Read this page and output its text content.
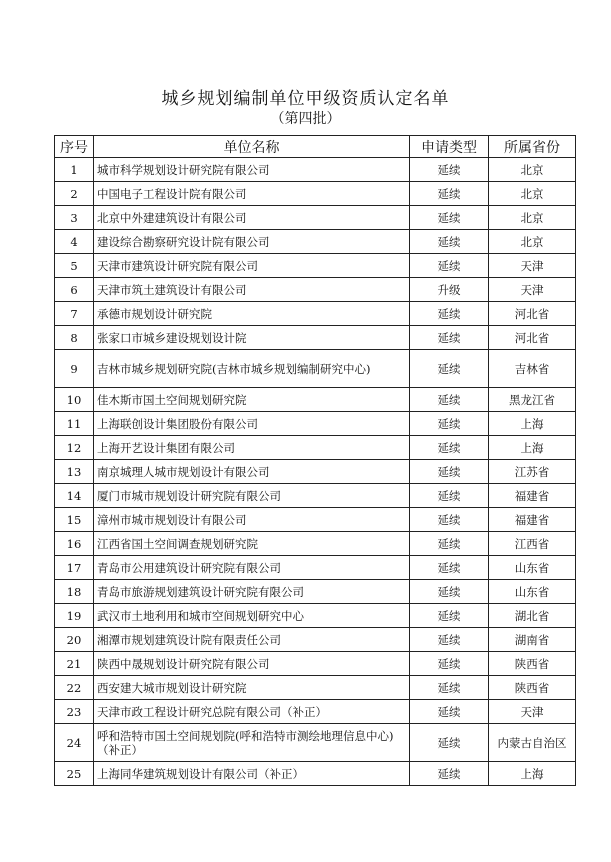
城乡规划编制单位甲级资质认定名单
（第四批）
序号	单位名称	申请类型	所属省份
1	城市科学规划设计研究院有限公司	延续	北京
2	中国电子工程设计院有限公司	延续	北京
3	北京中外建建筑设计有限公司	延续	北京
4	建设综合勘察研究设计院有限公司	延续	北京
5	天津市建筑设计研究院有限公司	延续	天津
6	天津市筑土建筑设计有限公司	升级	天津
7	承德市规划设计研究院	延续	河北省
8	张家口市城乡建设规划设计院	延续	河北省
9	吉林市城乡规划研究院(吉林市城乡规划编制研究中心)	延续	吉林省
10	佳木斯市国土空间规划研究院	延续	黑龙江省
11	上海联创设计集团股份有限公司	延续	上海
12	上海开艺设计集团有限公司	延续	上海
13	南京城理人城市规划设计有限公司	延续	江苏省
14	厦门市城市规划设计研究院有限公司	延续	福建省
15	漳州市城市规划设计有限公司	延续	福建省
16	江西省国土空间调查规划研究院	延续	江西省
17	青岛市公用建筑设计研究院有限公司	延续	山东省
18	青岛市旅游规划建筑设计研究院有限公司	延续	山东省
19	武汉市土地利用和城市空间规划研究中心	延续	湖北省
20	湘潭市规划建筑设计院有限责任公司	延续	湖南省
21	陕西中晟规划设计研究院有限公司	延续	陕西省
22	西安建大城市规划设计研究院	延续	陕西省
23	天津市政工程设计研究总院有限公司（补正）	延续	天津
24	呼和浩特市国土空间规划院(呼和浩特市测绘地理信息中心)（补正）	延续	内蒙古自治区
25	上海同华建筑规划设计有限公司（补正）	延续	上海
